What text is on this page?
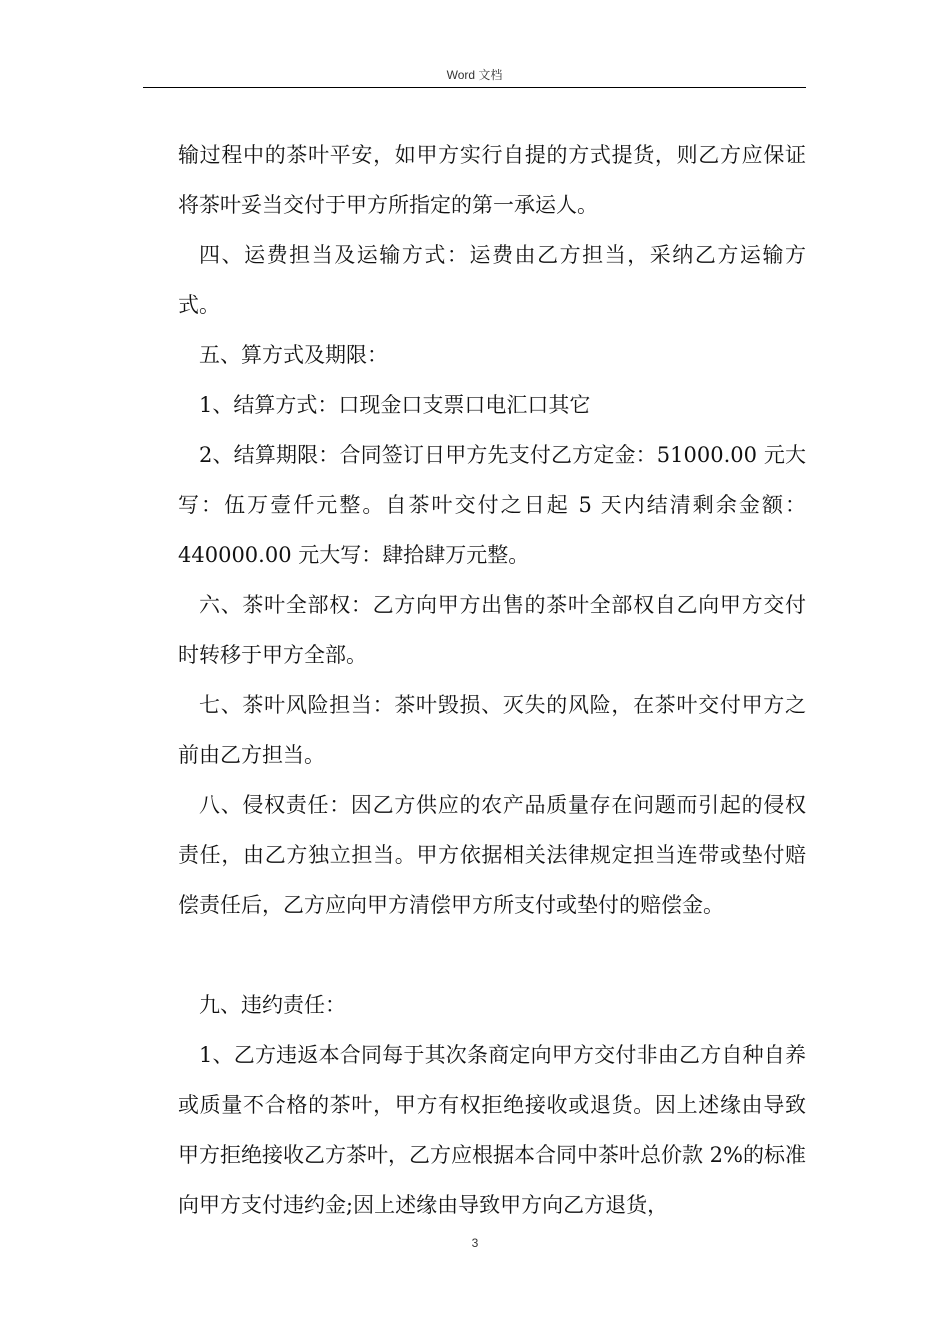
Word 文档

输过程中的茶叶平安，如甲方实行自提的方式提货，则乙方应保证将茶叶妥当交付于甲方所指定的第一承运人。

四、运费担当及运输方式：运费由乙方担当，采纳乙方运输方式。

五、算方式及期限：

1、结算方式：口现金口支票口电汇口其它

2、结算期限：合同签订日甲方先支付乙方定金：51000.00 元大写：伍万壹仟元整。自茶叶交付之日起 5 天内结清剩余金额：440000.00 元大写：肆拾肆万元整。

六、茶叶全部权：乙方向甲方出售的茶叶全部权自乙向甲方交付时转移于甲方全部。

七、茶叶风险担当：茶叶毁损、灭失的风险，在茶叶交付甲方之前由乙方担当。

八、侵权责任：因乙方供应的农产品质量存在问题而引起的侵权责任，由乙方独立担当。甲方依据相关法律规定担当连带或垫付赔偿责任后，乙方应向甲方清偿甲方所支付或垫付的赔偿金。

九、违约责任：

1、乙方违返本合同每于其次条商定向甲方交付非由乙方自种自养或质量不合格的茶叶，甲方有权拒绝接收或退货。因上述缘由导致甲方拒绝接收乙方茶叶，乙方应根据本合同中茶叶总价款 2%的标准向甲方支付违约金;因上述缘由导致甲方向乙方退货，

3
